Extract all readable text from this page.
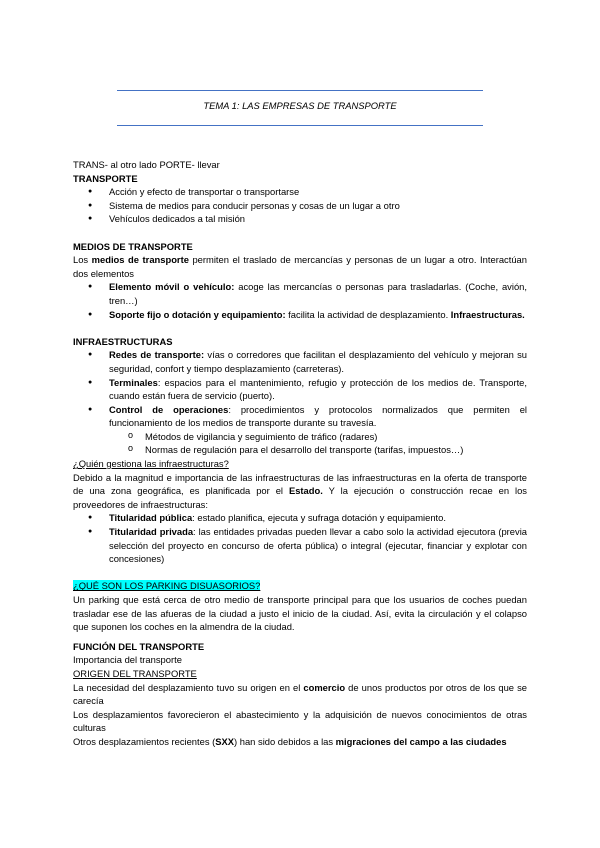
TEMA 1: LAS EMPRESAS DE TRANSPORTE

TRANS- al otro lado PORTE- llevar

TRANSPORTE

● Acción y efecto de transportar o transportarse
● Sistema de medios para conducir personas y cosas de un lugar a otro
● Vehículos dedicados a tal misión

MEDIOS DE TRANSPORTE

Los medios de transporte permiten el traslado de mercancías y personas de un lugar a otro. Interactúan dos elementos

● Elemento móvil o vehículo: acoge las mercancías o personas para trasladarlas. (Coche, avión, tren…)
● Soporte fijo o dotación y equipamiento: facilita la actividad de desplazamiento. Infraestructuras.

INFRAESTRUCTURAS

● Redes de transporte: vías o corredores que facilitan el desplazamiento del vehículo y mejoran su seguridad, confort y tiempo desplazamiento (carreteras).
● Terminales: espacios para el mantenimiento, refugio y protección de los medios de. Transporte, cuando están fuera de servicio (puerto).
● Control de operaciones: procedimientos y protocolos normalizados que permiten el funcionamiento de los medios de transporte durante su travesía.
o Métodos de vigilancia y seguimiento de tráfico (radares)
o Normas de regulación para el desarrollo del transporte (tarifas, impuestos…)

¿Quién gestiona las infraestructuras?

Debido a la magnitud e importancia de las infraestructuras de las infraestructuras en la oferta de transporte de una zona geográfica, es planificada por el Estado. Y la ejecución o construcción recae en los proveedores de infraestructuras:

● Titularidad pública: estado planifica, ejecuta y sufraga dotación y equipamiento.
● Titularidad privada: las entidades privadas pueden llevar a cabo solo la actividad ejecutora (previa selección del proyecto en concurso de oferta pública) o integral (ejecutar, financiar y explotar con concesiones)

¿QUÉ SON LOS PARKING DISUASORIOS?

Un parking que está cerca de otro medio de transporte principal para que los usuarios de coches puedan trasladar ese de las afueras de la ciudad a justo el inicio de la ciudad. Así, evita la circulación y el colapso que suponen los coches en la almendra de la ciudad.

FUNCIÓN DEL TRANSPORTE

Importancia del transporte

ORIGEN DEL TRANSPORTE

La necesidad del desplazamiento tuvo su origen en el comercio de unos productos por otros de los que se carecía

Los desplazamientos favorecieron el abastecimiento y la adquisición de nuevos conocimientos de otras culturas

Otros desplazamientos recientes (SXX) han sido debidos a las migraciones del campo a las ciudades
